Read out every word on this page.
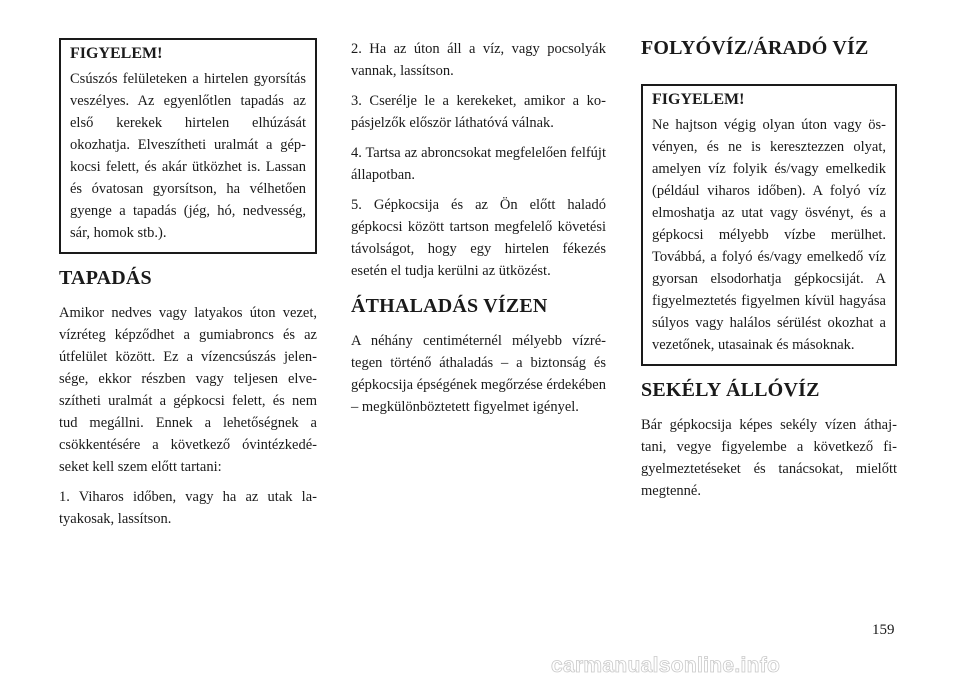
FIGYELEM!
Csúszós felületeken a hirtelen gyorsítás veszélyes. Az egyenlőtlen tapadás az első kerekek hirtelen elhúzását okozhatja. Elveszítheti uralmát a gépkocsi felett, és akár ütközhet is. Lassan és óvatosan gyorsítson, ha vélhetően gyenge a tapadás (jég, hó, nedvesség, sár, homok stb.).
TAPADÁS
Amikor nedves vagy latyakos úton vezet, vízréteg képződhet a gumiabroncs és az útfelület között. Ez a vízencsúszás jelensége, ekkor részben vagy teljesen elveszítheti uralmát a gépkocsi felett, és nem tud megállni. Ennek a lehetőségnek a csökkentésére a következő óvintézkedéseket kell szem előtt tartani:
1. Viharos időben, vagy ha az utak latyakosak, lassítson.
2. Ha az úton áll a víz, vagy pocsolyák vannak, lassítson.
3. Cserélje le a kerekeket, amikor a kopásjelzők először láthatóvá válnak.
4. Tartsa az abroncsokat megfelelően felfújt állapotban.
5. Gépkocsija és az Ön előtt haladó gépkocsi között tartson megfelelő követési távolságot, hogy egy hirtelen fékezés esetén el tudja kerülni az ütközést.
ÁTHALADÁS VÍZEN
A néhány centiméternél mélyebb vízrétegen történő áthaladás – a biztonság és gépkocsija épségének megőrzése érdekében – megkülönböztetett figyelmet igényel.
FOLYÓVÍZ/ÁRADÓ VÍZ
FIGYELEM!
Ne hajtson végig olyan úton vagy ösvényen, és ne is keresztezzen olyat, amelyen víz folyik és/vagy emelkedik (például viharos időben). A folyó víz elmoshatja az utat vagy ösvényt, és a gépkocsi mélyebb vízbe merülhet. Továbbá, a folyó és/vagy emelkedő víz gyorsan elsodorhatja gépkocsiját. A figyelmeztetés figyelmen kívül hagyása súlyos vagy halálos sérülést okozhat a vezetőnek, utasainak és másoknak.
SEKÉLY ÁLLÓVÍZ
Bár gépkocsija képes sekély vízen áthajtani, vegye figyelembe a következő figyelmeztetéseket és tanácsokat, mielőtt megtenné.
159
carmanualsonline.info
